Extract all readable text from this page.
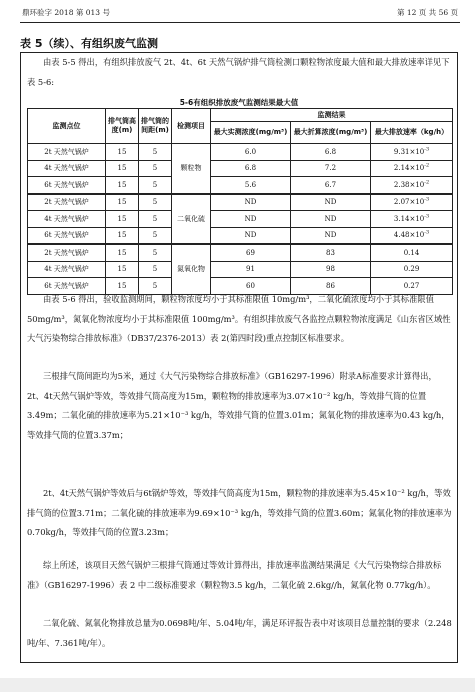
鼎环验字 2018 第 013 号	第 12 页 共 56 页
表 5（续）、有组织废气监测
由表 5-5 得出，有组织排放废气 2t、4t、6t 天然气锅炉排气筒检测口颗粒物浓度最大值和最大排放速率详见下表 5-6:
5-6有组织排放废气监测结果最大值
监测点位	排气筒高度(m)	排气筒的间距(m)	检测项目	监测结果		
				最大实测浓度(mg/m³)	最大折算浓度(mg/m³)	最大排放速率（kg/h）
2t 天然气锅炉	15	5	颗粒物	6.0	6.8	$9.31\times 10^{-3}$
4t 天然气锅炉	15	5		6.8	7.2	$2.14\times 10^{-2}$
6t 天然气锅炉	15	5		5.6	6.7	$2.38\times 10^{-2}$
2t 天然气锅炉	15	5	二氧化硫	ND	ND	$2.07\times 10^{-3}$
4t 天然气锅炉	15	5		ND	ND	$3.14\times 10^{-3}$
6t 天然气锅炉	15	5		ND	ND	$4.48\times 10^{-3}$
2t 天然气锅炉	15	5	氮氧化物	69	83	0.14
4t 天然气锅炉	15	5		91	98	0.29
6t 天然气锅炉	15	5		60	86	0.27
由表 5-6 得出，验收监测期间，颗粒物浓度均小于其标准限值 10mg/m³，二氧化硫浓度均小于其标准限值 50mg/m³，氮氧化物浓度均小于其标准限值 100mg/m³。有组织排放废气各监控点颗粒物浓度满足《山东省区域性大气污染物综合排放标准》（DB37/2376-2013）表 2(第四时段)重点控制区标准要求。
三根排气筒间距均为5米，通过《大气污染物综合排放标准》（GB16297-1996）附录A标准要求计算得出，2t、4t天然气锅炉等效，等效排气筒高度为15m，颗粒物的排放速率为3.07×10⁻² kg/h，等效排气筒的位置3.49m；二氧化硫的排放速率为5.21×10⁻³ kg/h，等效排气筒的位置3.01m；氮氧化物的排放速率为0.43 kg/h，等效排气筒的位置3.37m；
2t、4t天然气锅炉等效后与6t锅炉等效，等效排气筒高度为15m，颗粒物的排放速率为5.45×10⁻² kg/h，等效排气筒的位置3.71m；二氧化硫的排放速率为9.69×10⁻³ kg/h，等效排气筒的位置3.60m；氮氧化物的排放速率为0.70kg/h，等效排气筒的位置3.23m；
综上所述，该项目天然气锅炉三根排气筒通过等效计算得出，排放速率监测结果满足《大气污染物综合排放标准》（GB16297-1996）表 2 中二级标准要求（颗粒物3.5 kg/h，二氧化硫 2.6kg//h，氮氧化物 0.77kg/h）。
二氧化硫、氮氧化物排放总量为0.0698吨/年、5.04吨/年，满足环评报告表中对该项目总量控制的要求（2.248吨/年、7.361吨/年）。
